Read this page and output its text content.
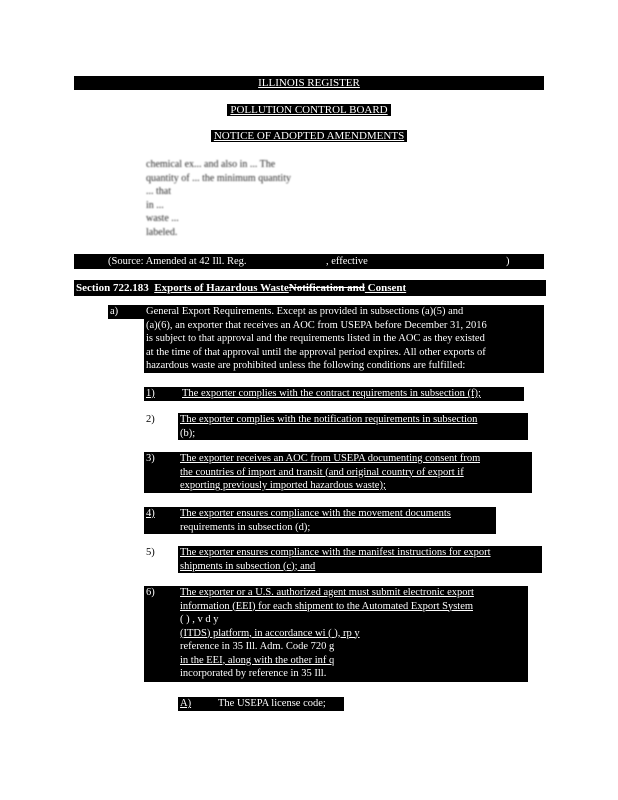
ILLINOIS REGISTER
POLLUTION CONTROL BOARD
NOTICE OF ADOPTED AMENDMENTS
chemical ex... and also in ... The
quantity of ... the minimum quantity
... that
in ...
waste ...
labeled.
(Source: Amended at 42 Ill. Reg.	, effective	)
Section 722.183 Exports of Hazardous WasteNotification and Consent
a)	General Export Requirements. Except as provided in subsections (a)(5) and
(a)(6), an exporter that receives an AOC from USEPA before December 31, 2016
is subject to that approval and the requirements listed in the AOC as they existed
at the time of that approval until the approval period expires. All other exports of
hazardous waste are prohibited unless the following conditions are fulfilled:
1)	The exporter complies with the contract requirements in subsection (f);
2) The exporter complies with the notification requirements in subsection
(b);
3) The exporter receives an AOC from USEPA documenting consent from
the countries of import and transit (and original country of export if
exporting previously imported hazardous waste);
4) The exporter ensures compliance with the movement documents
requirements in subsection (d);
5) The exporter ensures compliance with the manifest instructions for export
shipments in subsection (c); and
6) The exporter or a U.S. authorized agent must submit electronic export
information (EEI) for each shipment to the Automated Export System
( ) , v d y
(ITDS) platform, in accordance wi ( ), rp y
reference in 35 Ill. Adm. Code 720 g
in the EEI, along with the other inf q
incorporated by reference in 35 Ill.
A)	The USEPA license code;
